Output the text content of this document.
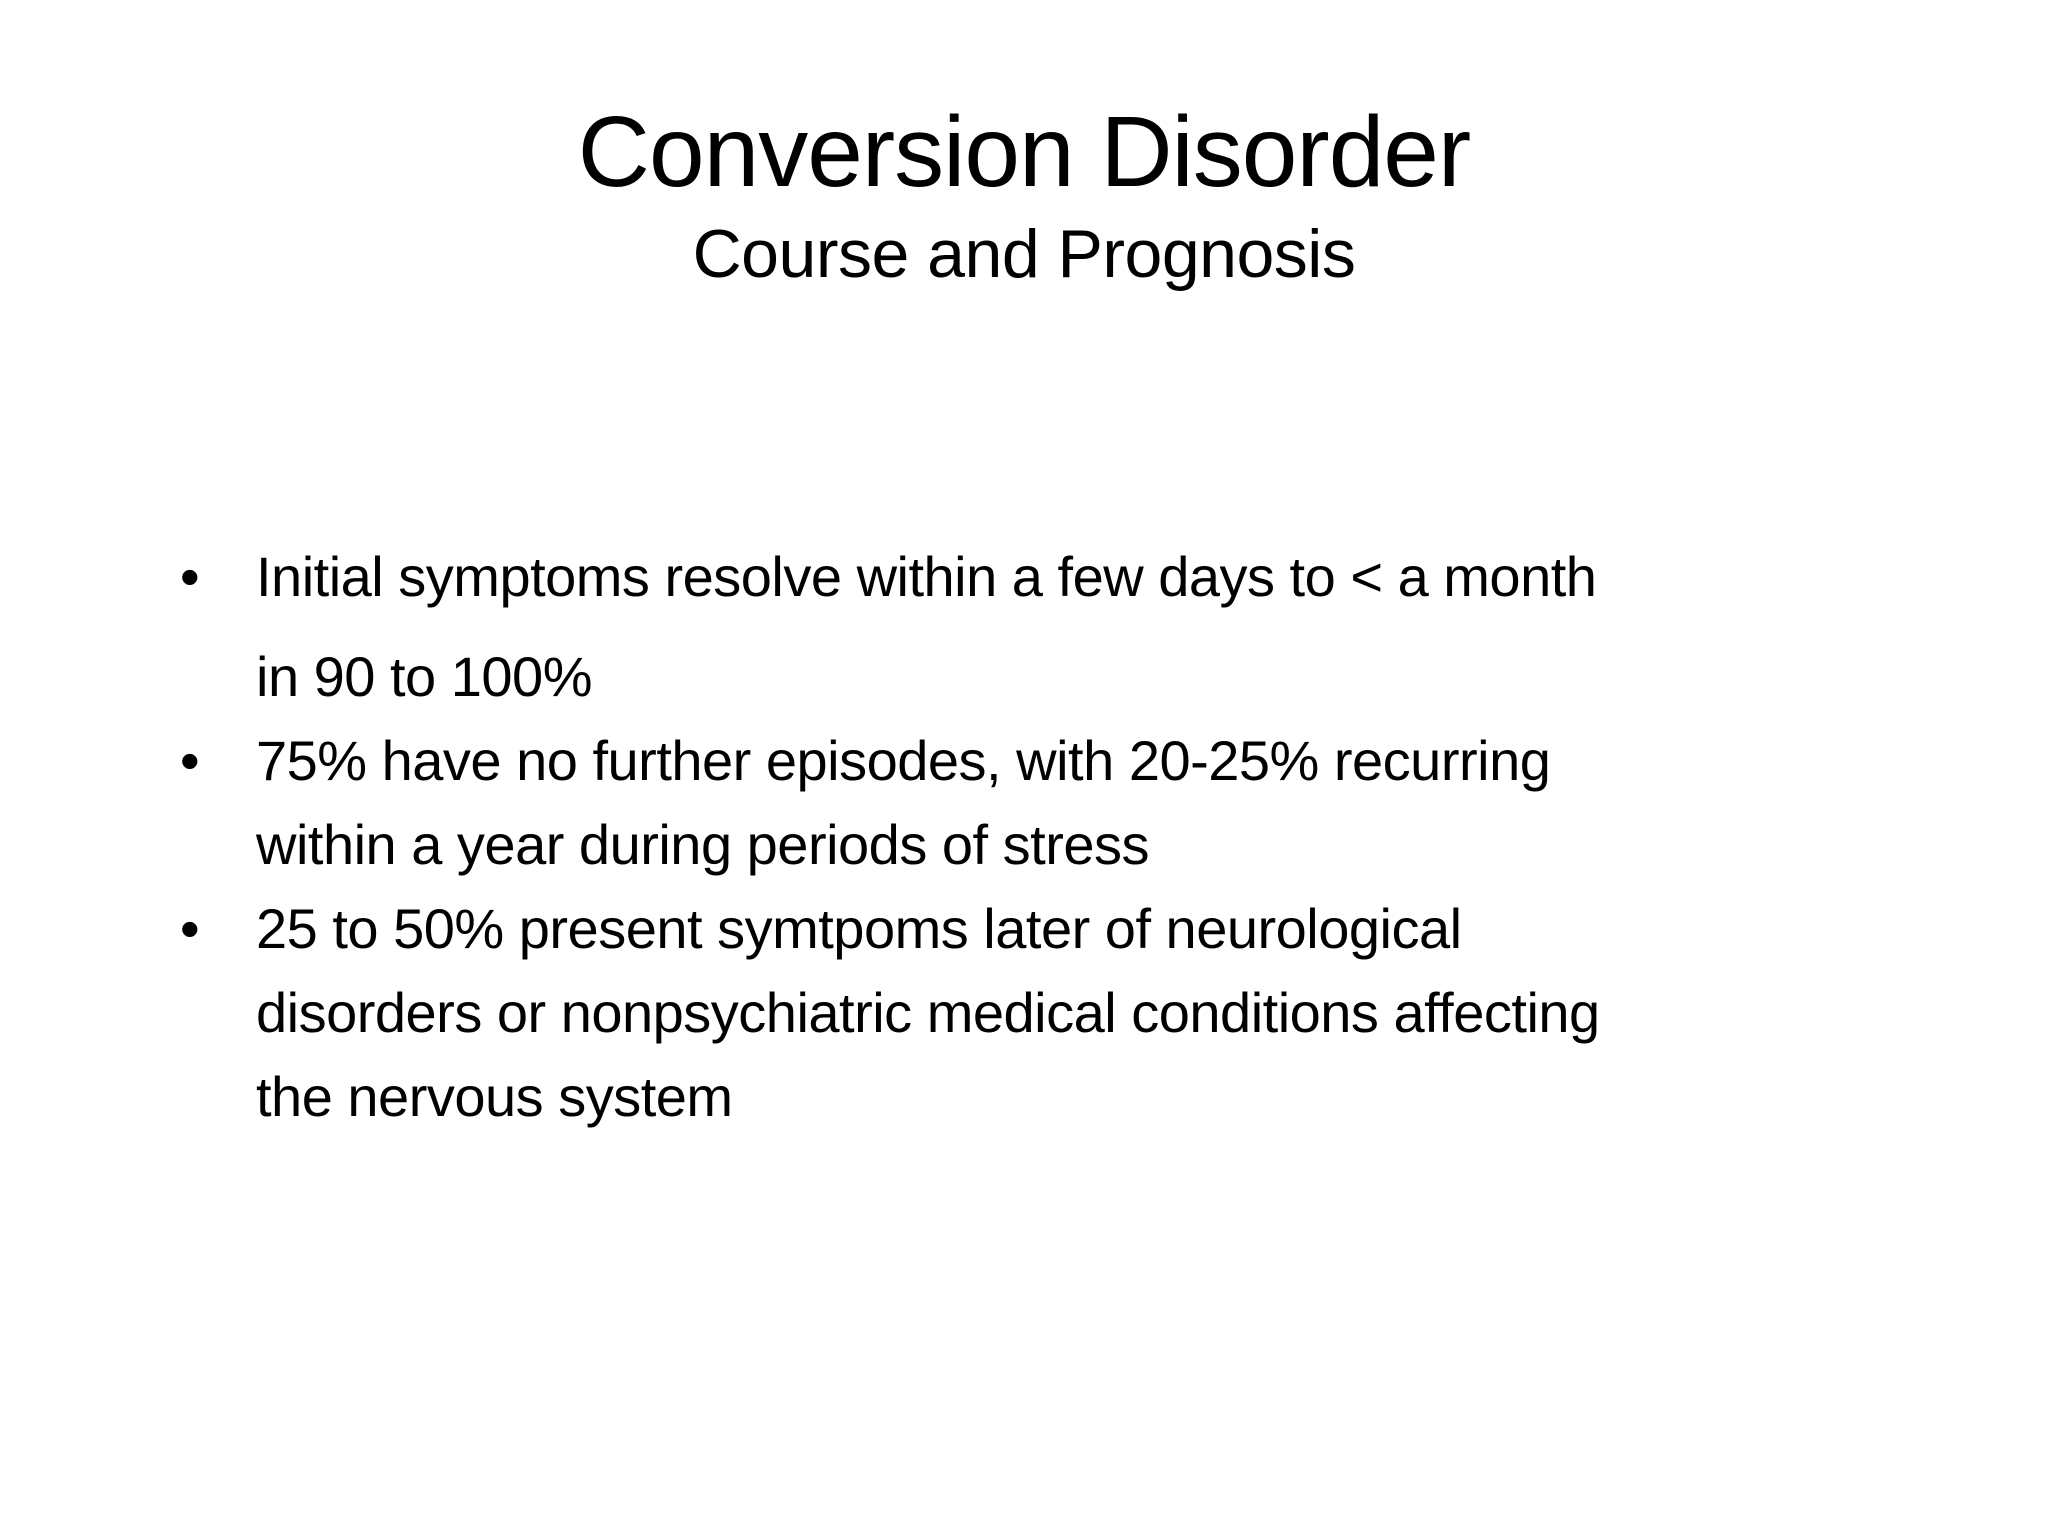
Conversion Disorder
Course and Prognosis
• Initial symptoms resolve within a few days to < a month
in 90 to 100%
• 75% have no further episodes, with 20-25% recurring
within a year during periods of stress
• 25 to 50% present symtpoms later of neurological
disorders or nonpsychiatric medical conditions affecting
the nervous system
